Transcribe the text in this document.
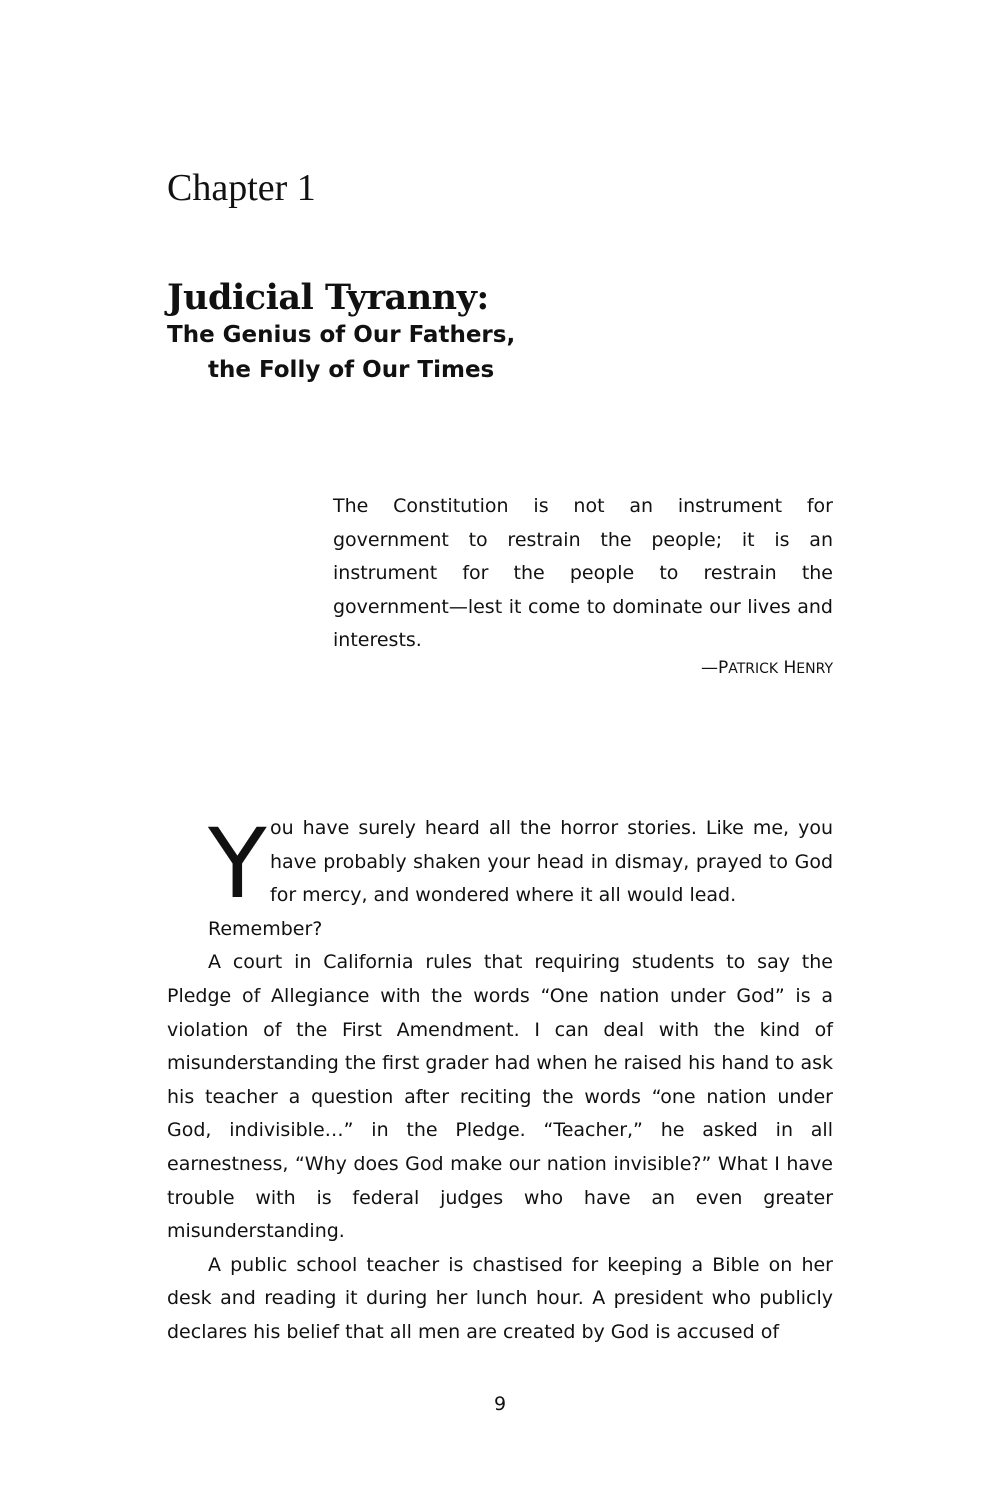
Chapter 1
Judicial Tyranny:
The Genius of Our Fathers,
the Folly of Our Times
The Constitution is not an instrument for government to restrain the people; it is an instrument for the people to restrain the government—lest it come to dominate our lives and interests.
—PATRICK HENRY

Y ou have surely heard all the horror stories. Like me, you have probably shaken your head in dismay, prayed to God for mercy, and wondered where it all would lead.
Remember?

A court in California rules that requiring students to say the Pledge of Allegiance with the words “One nation under God” is a violation of the First Amendment. I can deal with the kind of misunderstanding the first grader had when he raised his hand to ask his teacher a question after reciting the words “one nation under God, indivisible…” in the Pledge. “Teacher,” he asked in all earnestness, “Why does God make our nation invisible?” What I have trouble with is federal judges who have an even greater misunderstanding.

A public school teacher is chastised for keeping a Bible on her desk and reading it during her lunch hour. A president who publicly declares his belief that all men are created by God is accused of

9
